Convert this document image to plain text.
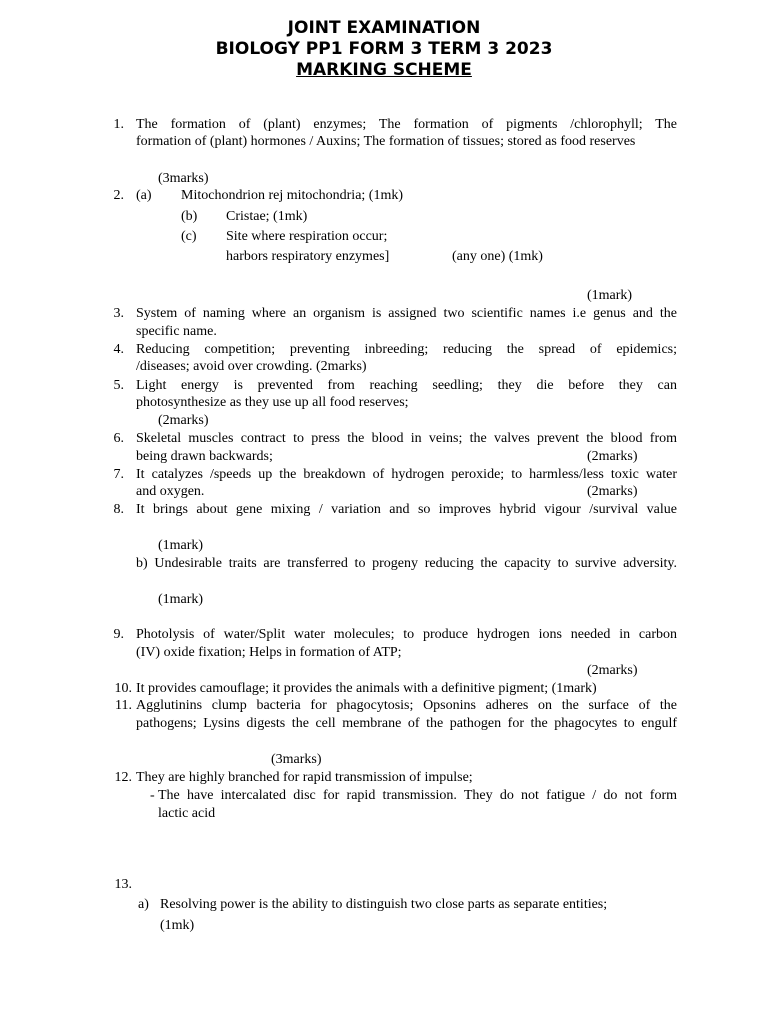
JOINT EXAMINATION
BIOLOGY PP1 FORM 3 TERM 3 2023
MARKING SCHEME
1. The formation of (plant) enzymes; The formation of pigments /chlorophyll; The
formation of (plant) hormones / Auxins; The formation of tissues; stored as food reserves
(3marks)
2. (a) Mitochondrion rej mitochondria; (1mk)
(b) Cristae; (1mk)
(c) Site where respiration occur;
harbors respiratory enzymes]	(any one) (1mk)
(1mark)
3. System of naming where an organism is assigned two scientific names i.e genus and the
specific name.
4. Reducing competition; preventing inbreeding; reducing the spread of epidemics;
/diseases; avoid over crowding. (2marks)
5. Light energy is prevented from reaching seedling; they die before they can
photosynthesize as they use up all food reserves;
(2marks)
6. Skeletal muscles contract to press the blood in veins; the valves prevent the blood from
being drawn backwards;	(2marks)
7. It catalyzes /speeds up the breakdown of hydrogen peroxide; to harmless/less toxic water
and oxygen.	(2marks)
8. It brings about gene mixing / variation and so improves hybrid vigour /survival value
(1mark)
b) Undesirable traits are transferred to progeny reducing the capacity to survive adversity.
(1mark)
9. Photolysis of water/Split water molecules; to produce hydrogen ions needed in carbon
(IV) oxide fixation; Helps in formation of ATP;
(2marks)
10. It provides camouflage; it provides the animals with a definitive pigment; (1mark)
11. Agglutinins clump bacteria for phagocytosis; Opsonins adheres on the surface of the
pathogens; Lysins digests the cell membrane of the pathogen for the phagocytes to engulf
(3marks)
12. They are highly branched for rapid transmission of impulse;
- The have intercalated disc for rapid transmission. They do not fatigue / do not form
lactic acid
13.
a) Resolving power is the ability to distinguish two close parts as separate entities;
(1mk)
